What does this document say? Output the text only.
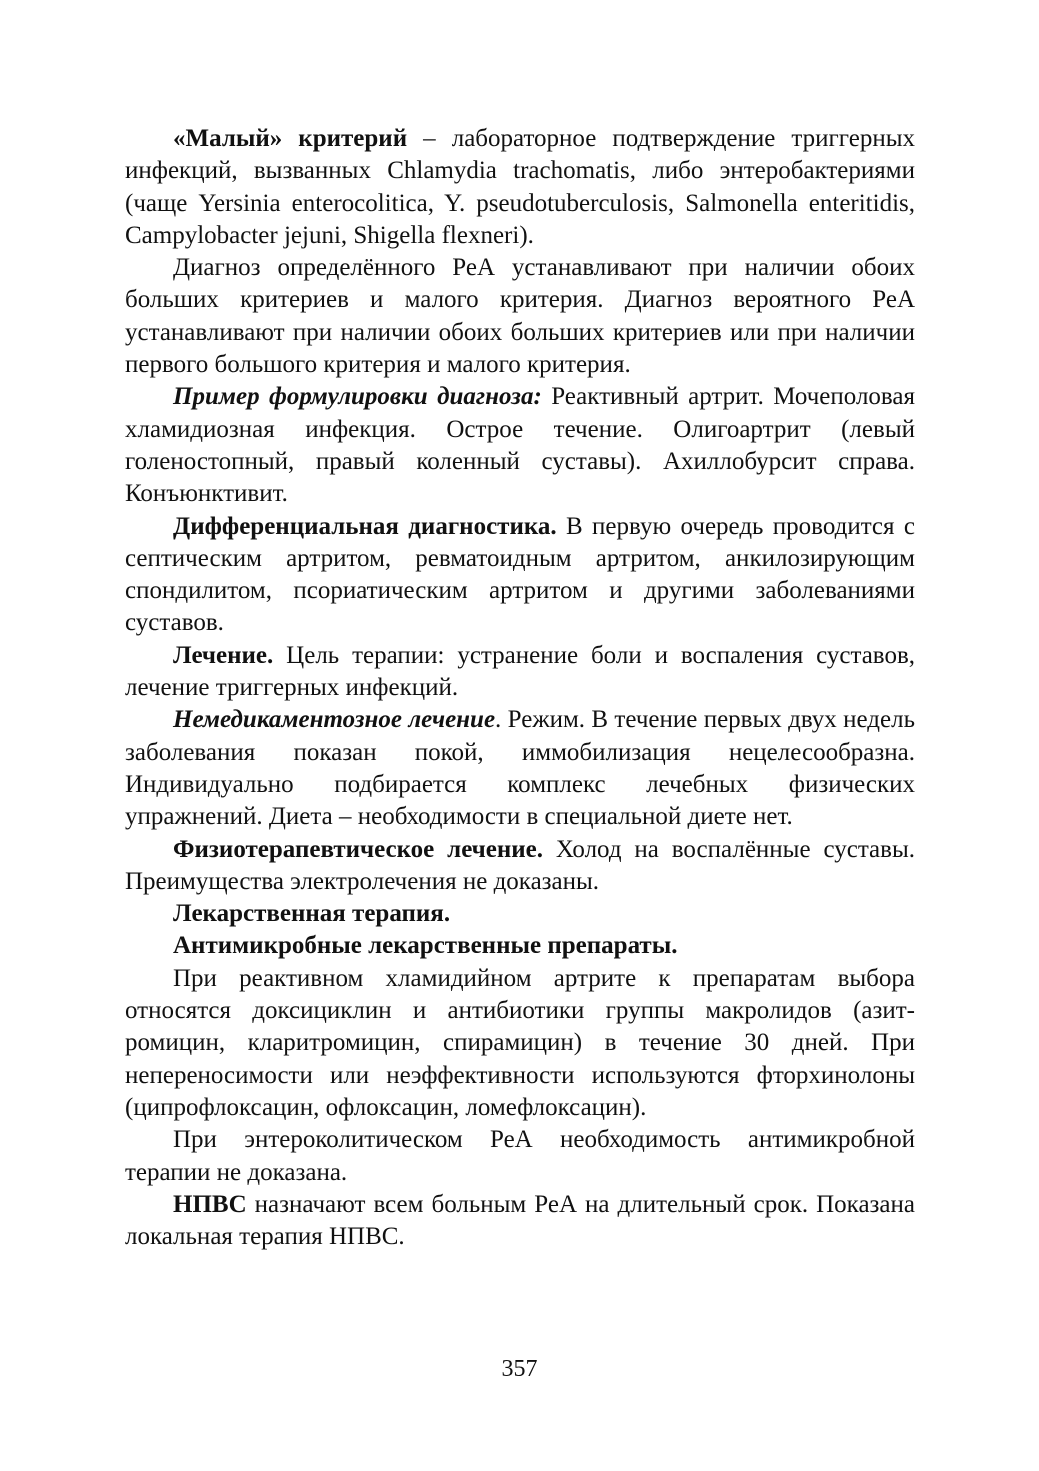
«Малый» критерий – лабораторное подтверждение триггерных инфекций, вызванных Chlamydia trachomatis, либо энтеробактериями (чаще Yersinia enterocolitica, Y. pseudotuberculosis, Salmonella enteritidis, Campylobacter jejuni, Shigella flexneri).

Диагноз определённого РеА устанавливают при наличии обоих больших критериев и малого критерия. Диагноз вероятного РеА устанавливают при наличии обоих больших критериев или при наличии первого большого критерия и малого критерия.

Пример формулировки диагноза: Реактивный артрит. Мочеполовая хламидиозная инфекция. Острое течение. Олигоартрит (левый голеностопный, правый коленный суставы). Ахиллобурсит справа. Конъюнктивит.

Дифференциальная диагностика. В первую очередь проводится с септическим артритом, ревматоидным артритом, анкилозирующим спондилитом, псориатическим артритом и другими заболеваниями суставов.

Лечение. Цель терапии: устранение боли и воспаления суставов, лечение триггерных инфекций.

Немедикаментозное лечение. Режим. В течение первых двух недель заболевания показан покой, иммобилизация нецелесообразна. Индивидуально подбирается комплекс лечебных физических упражнений. Диета – необходимости в специальной диете нет.

Физиотерапевтическое лечение. Холод на воспалённые суставы. Преимущества электролечения не доказаны.

Лекарственная терапия.

Антимикробные лекарственные препараты.

При реактивном хламидийном артрите к препаратам выбора относятся доксициклин и антибиотики группы макролидов (азитромицин, кларитромицин, спирамицин) в течение 30 дней. При непереносимости или неэффективности используются фторхинолоны (ципрофлоксацин, офлоксацин, ломефлоксацин).

При энтероколитическом РеА необходимость антимикробной терапии не доказана.

НПВС назначают всем больным РеА на длительный срок. Показана локальная терапия НПВС.

357
